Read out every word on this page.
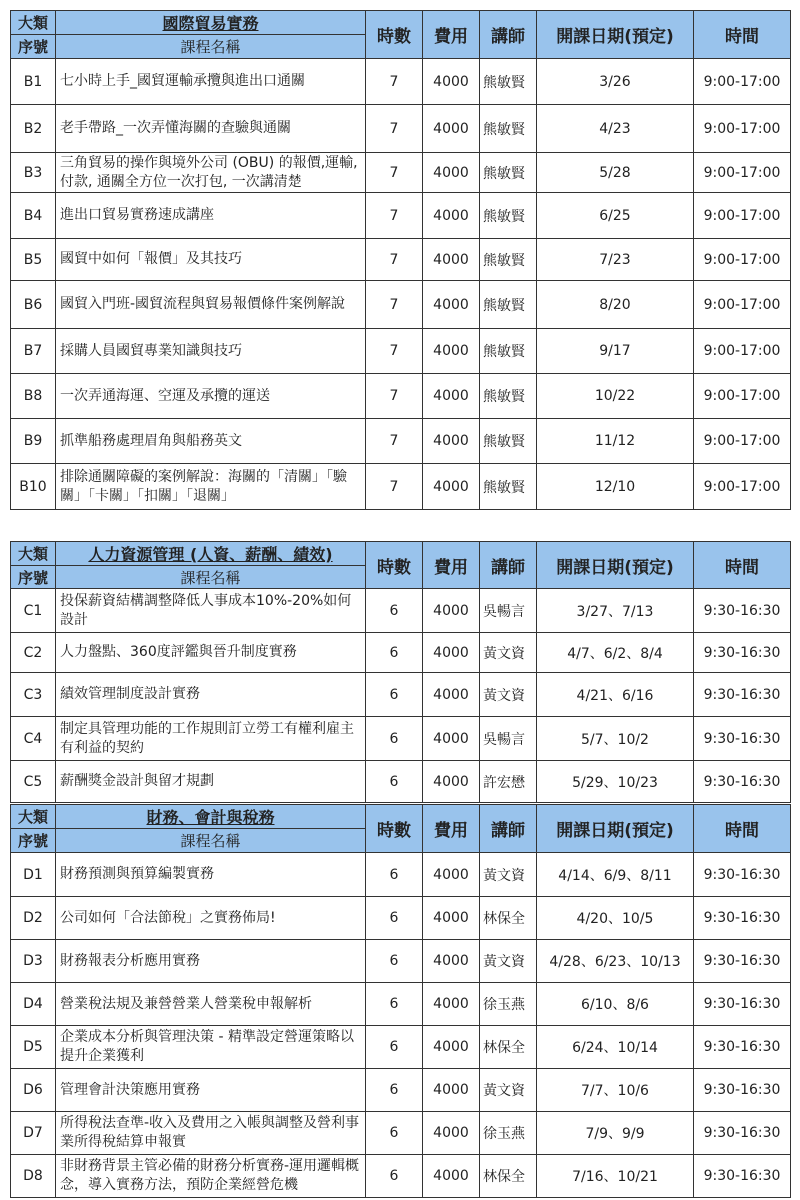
大類	國際貿易實務	時數	費用	講師	開課日期(預定)	時間
序號	課程名稱					
B1	七小時上手_國貿運輸承攬與進出口通關	7	4000	熊敏賢	3/26	9:00-17:00
B2	老手帶路_一次弄懂海關的查驗與通關	7	4000	熊敏賢	4/23	9:00-17:00
B3	三角貿易的操作與境外公司 (OBU) 的報價,運輸,付款, 通關全方位一次打包, 一次講清楚	7	4000	熊敏賢	5/28	9:00-17:00
B4	進出口貿易實務速成講座	7	4000	熊敏賢	6/25	9:00-17:00
B5	國貿中如何「報價」及其技巧	7	4000	熊敏賢	7/23	9:00-17:00
B6	國貿入門班-國貿流程與貿易報價條件案例解說	7	4000	熊敏賢	8/20	9:00-17:00
B7	採購人員國貿專業知識與技巧	7	4000	熊敏賢	9/17	9:00-17:00
B8	一次弄通海運、空運及承攬的運送	7	4000	熊敏賢	10/22	9:00-17:00
B9	抓準船務處理眉角與船務英文	7	4000	熊敏賢	11/12	9:00-17:00
B10	排除通關障礙的案例解說：海關的「清關」「驗關」「卡關」「扣關」「退關」	7	4000	熊敏賢	12/10	9:00-17:00
大類	人力資源管理 (人資、薪酬、績效)	時數	費用	講師	開課日期(預定)	時間
序號	課程名稱					
C1	投保薪資結構調整降低人事成本10%-20%如何設計	6	4000	吳暢言	3/27、7/13	9:30-16:30
C2	人力盤點、360度評鑑與晉升制度實務	6	4000	黃文資	4/7、6/2、8/4	9:30-16:30
C3	績效管理制度設計實務	6	4000	黃文資	4/21、6/16	9:30-16:30
C4	制定具管理功能的工作規則訂立勞工有權利雇主有利益的契約	6	4000	吳暢言	5/7、10/2	9:30-16:30
C5	薪酬獎金設計與留才規劃	6	4000	許宏懋	5/29、10/23	9:30-16:30
大類	財務、會計與稅務	時數	費用	講師	開課日期(預定)	時間
序號	課程名稱					
D1	財務預測與預算編製實務	6	4000	黃文資	4/14、6/9、8/11	9:30-16:30
D2	公司如何「合法節稅」之實務佈局!	6	4000	林保全	4/20、10/5	9:30-16:30
D3	財務報表分析應用實務	6	4000	黃文資	4/28、6/23、10/13	9:30-16:30
D4	營業稅法規及兼營營業人營業稅申報解析	6	4000	徐玉燕	6/10、8/6	9:30-16:30
D5	企業成本分析與管理決策 - 精準設定營運策略以提升企業獲利	6	4000	林保全	6/24、10/14	9:30-16:30
D6	管理會計決策應用實務	6	4000	黃文資	7/7、10/6	9:30-16:30
D7	所得稅法查準-收入及費用之入帳與調整及營利事業所得稅結算申報實	6	4000	徐玉燕	7/9、9/9	9:30-16:30
D8	非財務背景主管必備的財務分析實務-運用邏輯概念，導入實務方法，預防企業經營危機	6	4000	林保全	7/16、10/21	9:30-16:30
